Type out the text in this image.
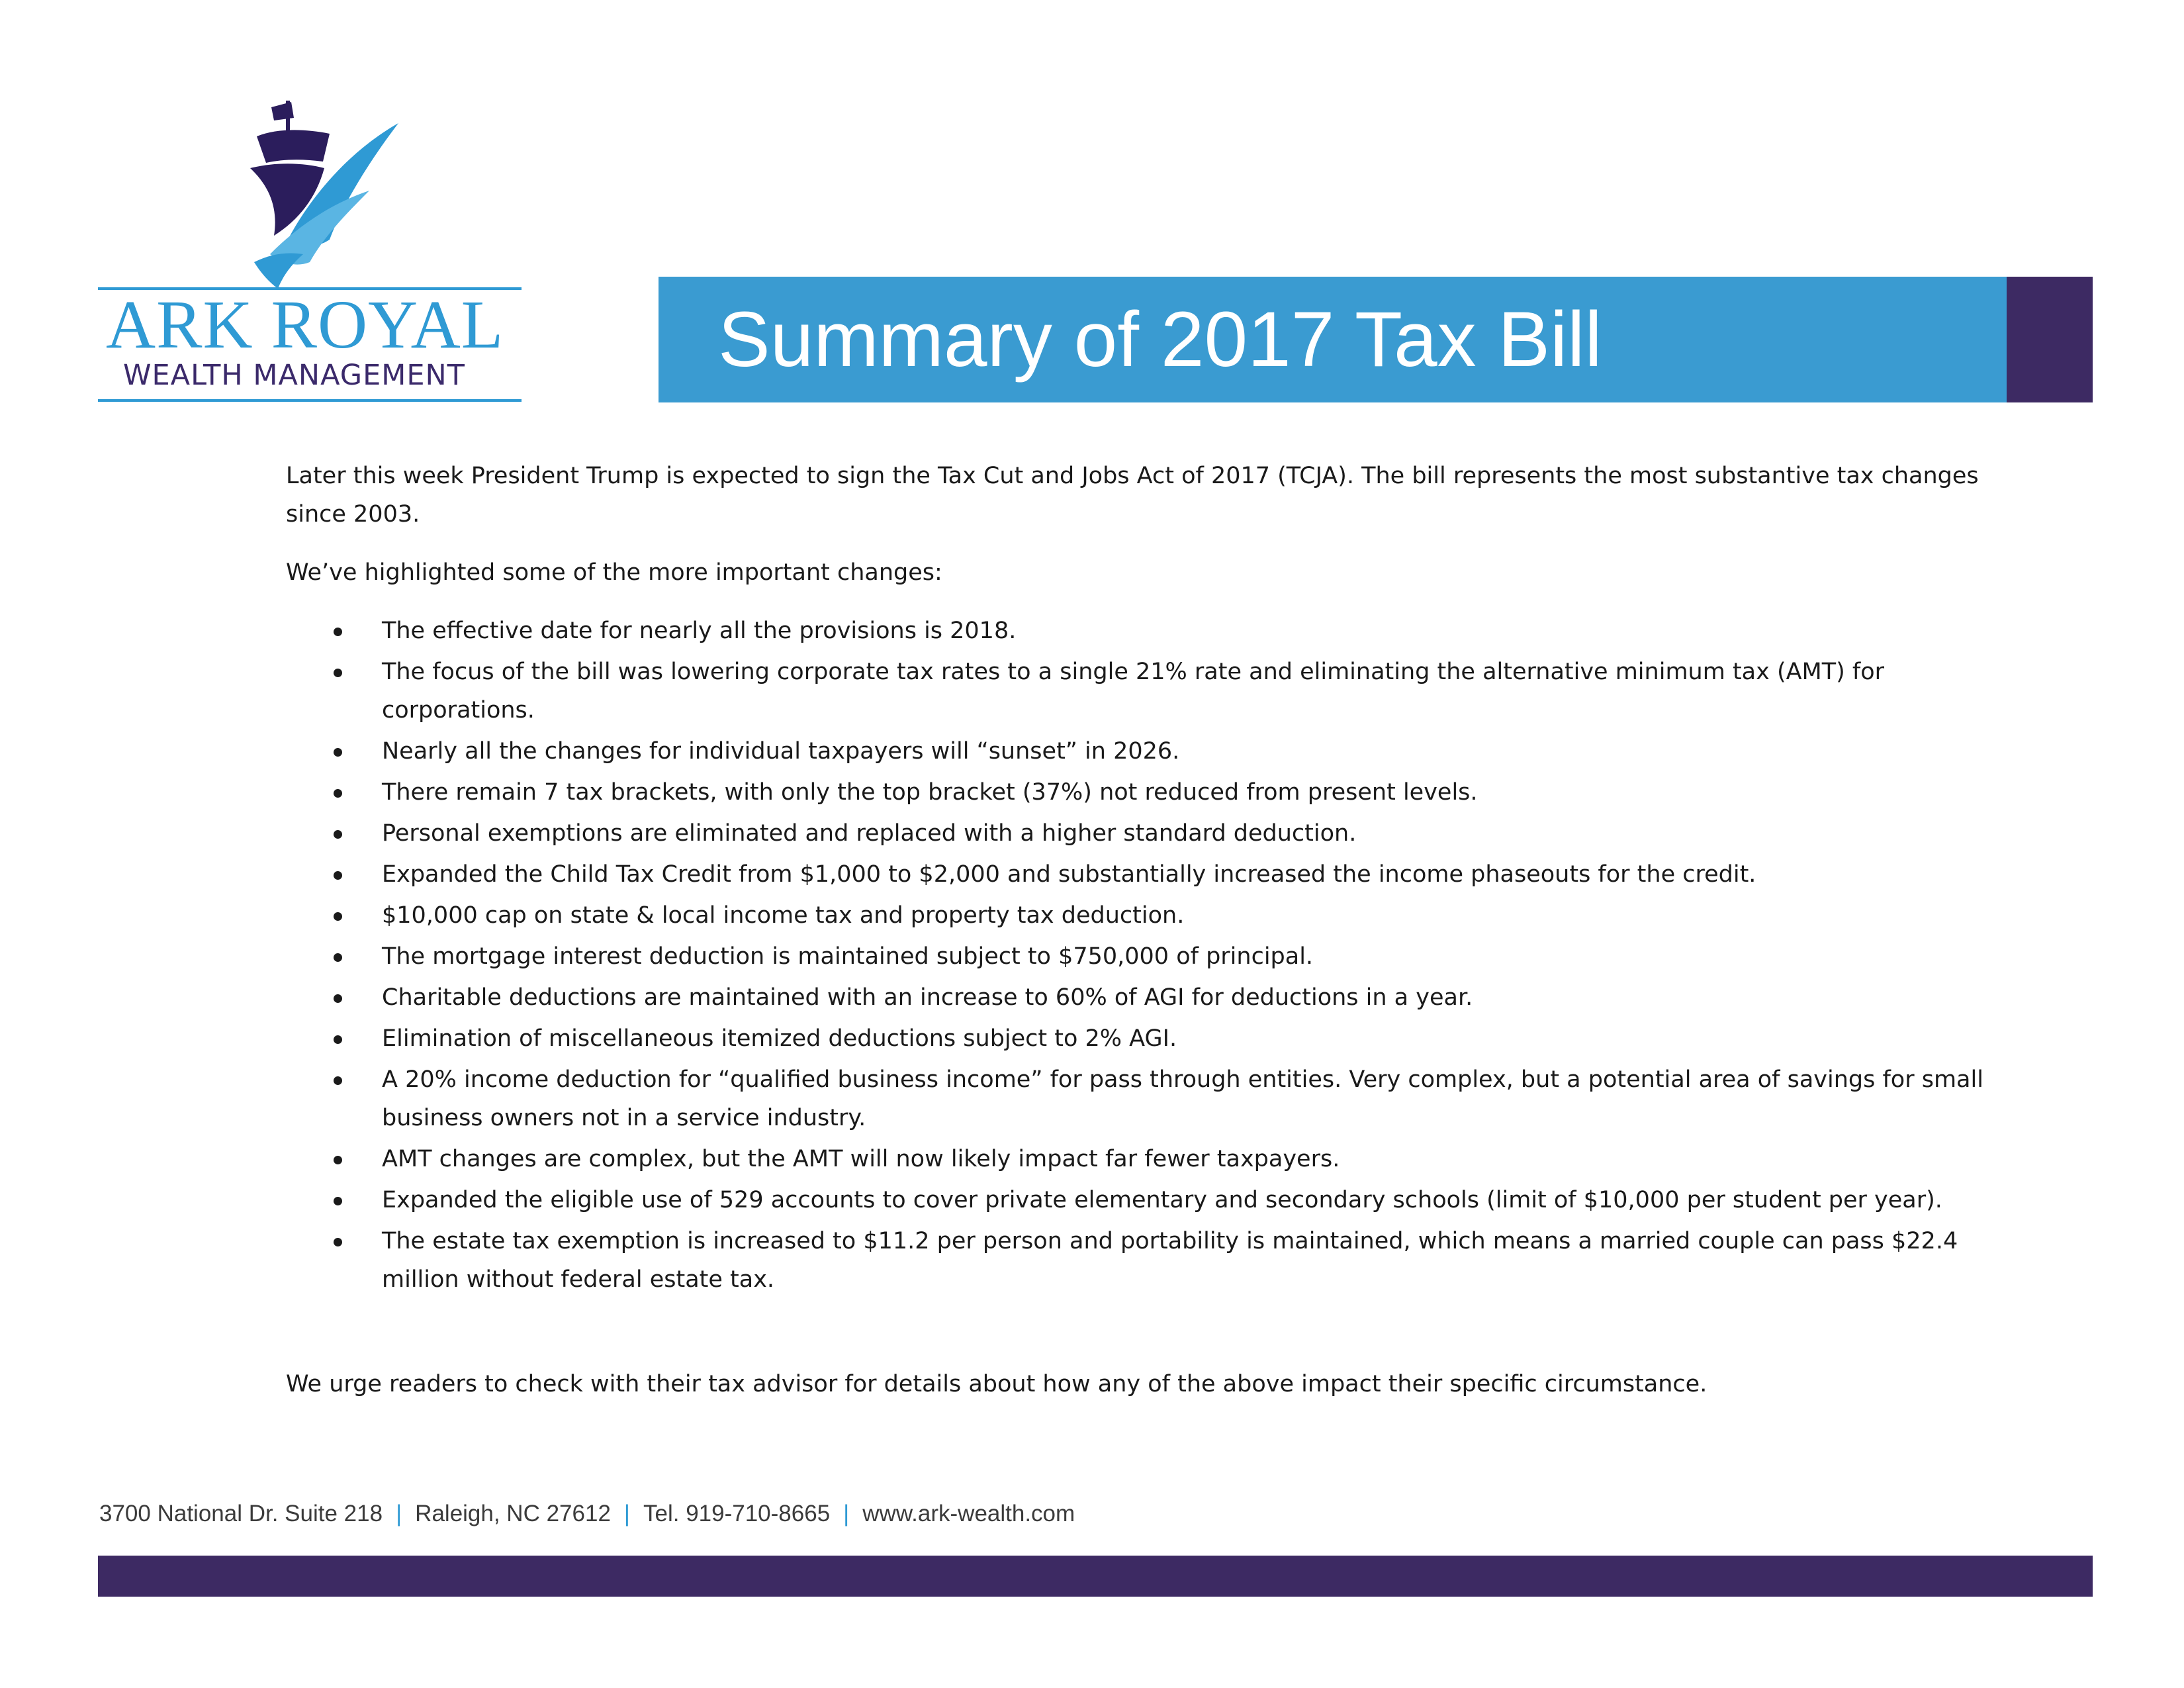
ARK ROYAL
WEALTH MANAGEMENT	Summary of 2017 Tax Bill

Later this week President Trump is expected to sign the Tax Cut and Jobs Act of 2017 (TCJA). The bill represents the most substantive tax changes since 2003.

We’ve highlighted some of the more important changes:

The effective date for nearly all the provisions is 2018.
The focus of the bill was lowering corporate tax rates to a single 21% rate and eliminating the alternative minimum tax (AMT) for corporations.
Nearly all the changes for individual taxpayers will “sunset” in 2026.
There remain 7 tax brackets, with only the top bracket (37%) not reduced from present levels.
Personal exemptions are eliminated and replaced with a higher standard deduction.
Expanded the Child Tax Credit from $1,000 to $2,000 and substantially increased the income phaseouts for the credit.
$10,000 cap on state & local income tax and property tax deduction.
The mortgage interest deduction is maintained subject to $750,000 of principal.
Charitable deductions are maintained with an increase to 60% of AGI for deductions in a year.
Elimination of miscellaneous itemized deductions subject to 2% AGI.
A 20% income deduction for “qualified business income” for pass through entities. Very complex, but a potential area of savings for small business owners not in a service industry.
AMT changes are complex, but the AMT will now likely impact far fewer taxpayers.
Expanded the eligible use of 529 accounts to cover private elementary and secondary schools (limit of $10,000 per student per year).
The estate tax exemption is increased to $11.2 per person and portability is maintained, which means a married couple can pass $22.4 million without federal estate tax.

We urge readers to check with their tax advisor for details about how any of the above impact their specific circumstance.

3700 National Dr. Suite 218 | Raleigh, NC 27612 | Tel. 919-710-8665 | www.ark-wealth.com
